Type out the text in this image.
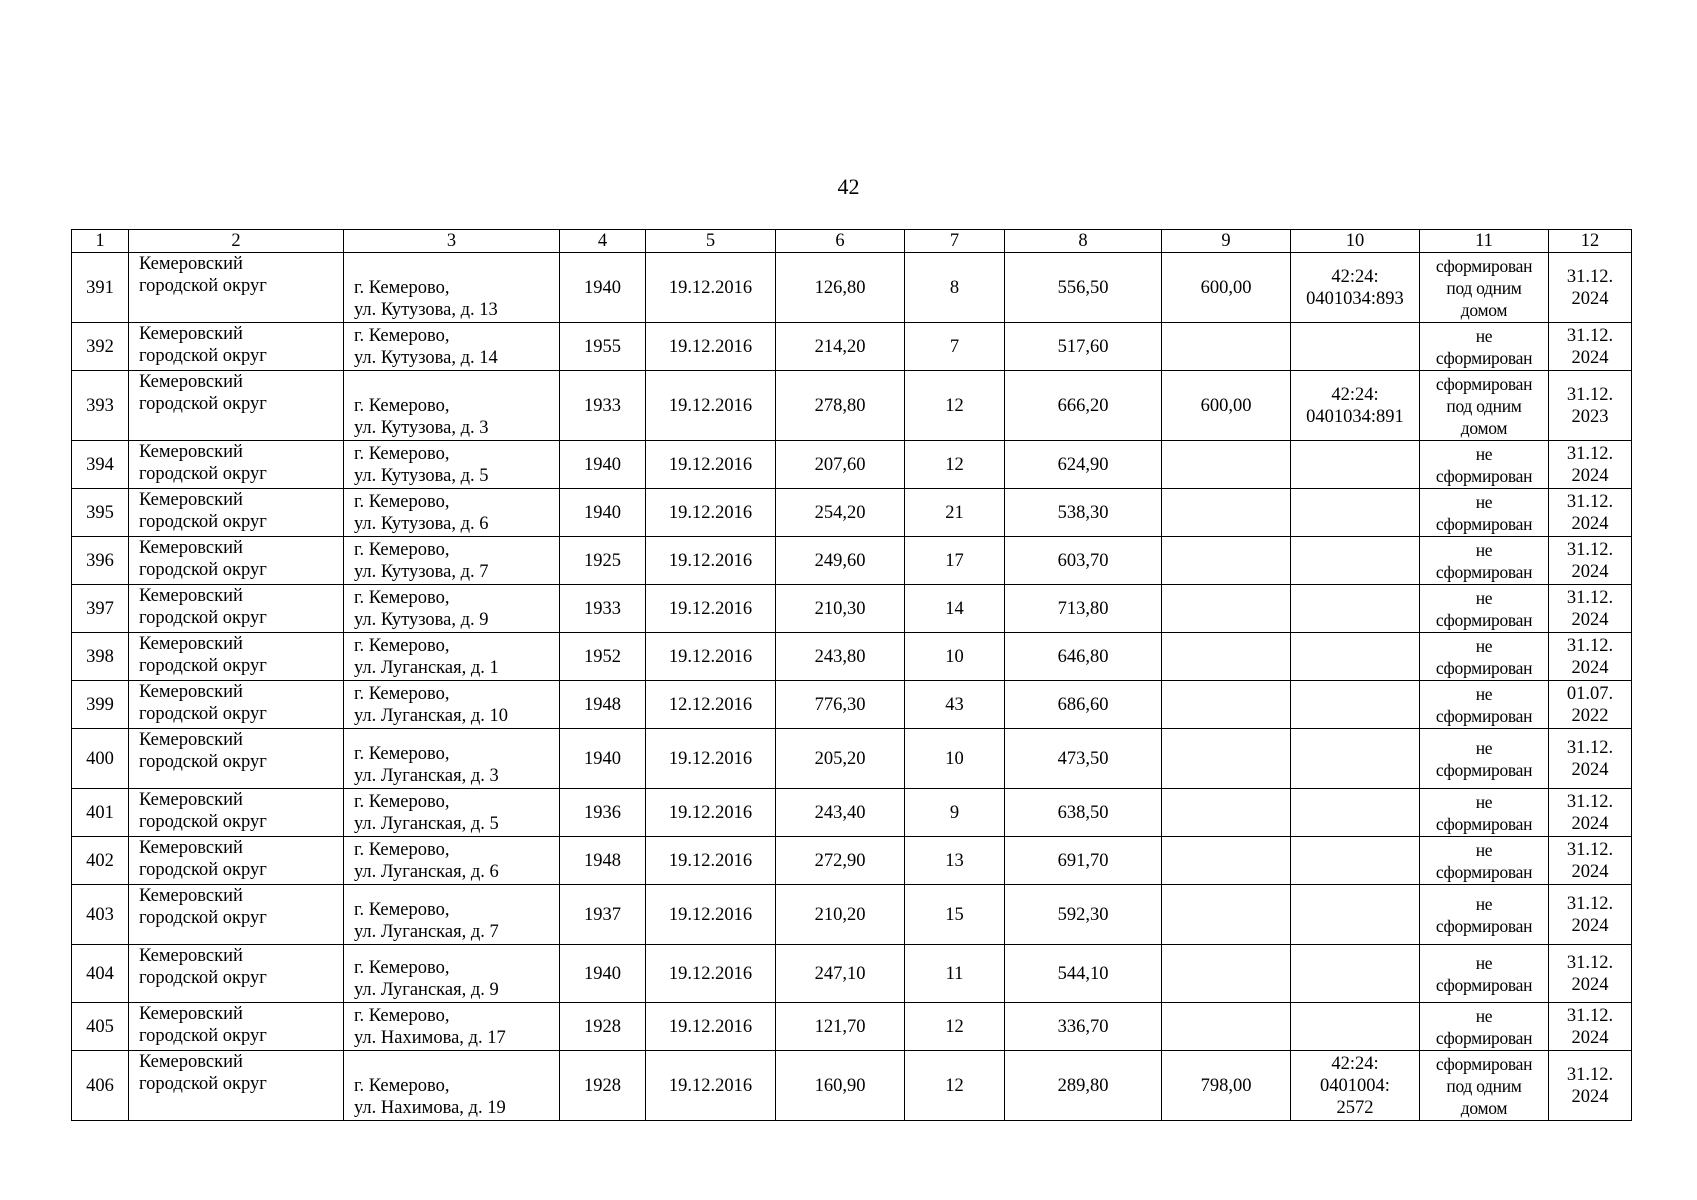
42
1	2	3	4	5	6	7	8	9	10	11	12

391	Кемеровский
городской округ	г. Кемерово,
ул. Кутузова, д. 13	1940	19.12.2016	126,80	8	556,50	600,00	42:24:
0401034:893	сформирован
под одним
домом	31.12.
2024

392	Кемеровский
городской округ	г. Кемерово,
ул. Кутузова, д. 14	1955	19.12.2016	214,20	7	517,60			не
сформирован	31.12.
2024

393	Кемеровский
городской округ	г. Кемерово,
ул. Кутузова, д. 3	1933	19.12.2016	278,80	12	666,20	600,00	42:24:
0401034:891	сформирован
под одним
домом	31.12.
2023

394	Кемеровский
городской округ	г. Кемерово,
ул. Кутузова, д. 5	1940	19.12.2016	207,60	12	624,90			не
сформирован	31.12.
2024

395	Кемеровский
городской округ	г. Кемерово,
ул. Кутузова, д. 6	1940	19.12.2016	254,20	21	538,30			не
сформирован	31.12.
2024

396	Кемеровский
городской округ	г. Кемерово,
ул. Кутузова, д. 7	1925	19.12.2016	249,60	17	603,70			не
сформирован	31.12.
2024

397	Кемеровский
городской округ	г. Кемерово,
ул. Кутузова, д. 9	1933	19.12.2016	210,30	14	713,80			не
сформирован	31.12.
2024

398	Кемеровский
городской округ	г. Кемерово,
ул. Луганская, д. 1	1952	19.12.2016	243,80	10	646,80			не
сформирован	31.12.
2024

399	Кемеровский
городской округ	г. Кемерово,
ул. Луганская, д. 10	1948	12.12.2016	776,30	43	686,60			не
сформирован	01.07.
2022

400	Кемеровский
городской округ	г. Кемерово,
ул. Луганская, д. 3	1940	19.12.2016	205,20	10	473,50			не
сформирован	31.12.
2024

401	Кемеровский
городской округ	г. Кемерово,
ул. Луганская, д. 5	1936	19.12.2016	243,40	9	638,50			не
сформирован	31.12.
2024

402	Кемеровский
городской округ	г. Кемерово,
ул. Луганская, д. 6	1948	19.12.2016	272,90	13	691,70			не
сформирован	31.12.
2024

403	Кемеровский
городской округ	г. Кемерово,
ул. Луганская, д. 7	1937	19.12.2016	210,20	15	592,30			не
сформирован	31.12.
2024

404	Кемеровский
городской округ	г. Кемерово,
ул. Луганская, д. 9	1940	19.12.2016	247,10	11	544,10			не
сформирован	31.12.
2024

405	Кемеровский
городской округ	г. Кемерово,
ул. Нахимова, д. 17	1928	19.12.2016	121,70	12	336,70			не
сформирован	31.12.
2024

406	Кемеровский
городской округ	г. Кемерово,
ул. Нахимова, д. 19	1928	19.12.2016	160,90	12	289,80	798,00	42:24:
0401004:
2572	сформирован
под одним
домом	31.12.
2024
